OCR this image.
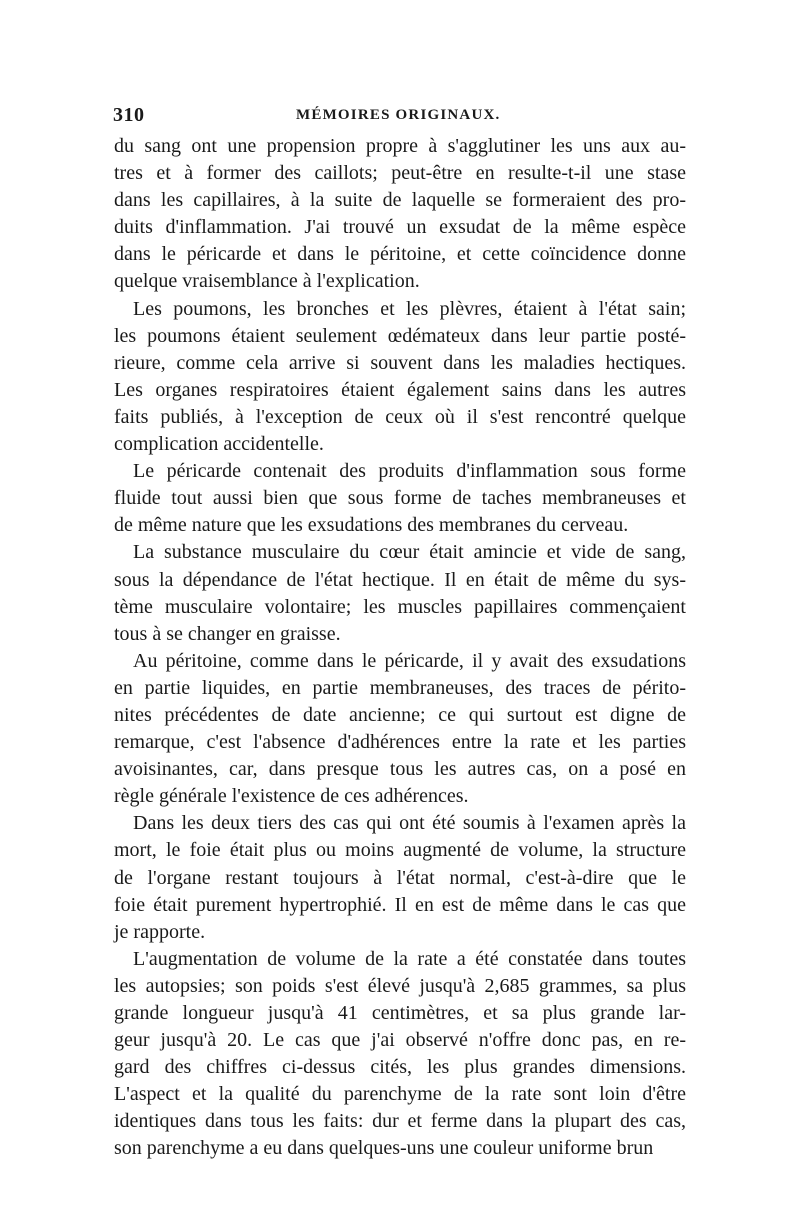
310	MÉMOIRES ORIGINAUX.
du sang ont une propension propre à s'agglutiner les uns aux au-
tres et à former des caillots; peut-être en resulte-t-il une stase
dans les capillaires, à la suite de laquelle se formeraient des pro-
duits d'inflammation. J'ai trouvé un exsudat de la même espèce
dans le péricarde et dans le péritoine, et cette coïncidence donne
quelque vraisemblance à l'explication.
Les poumons, les bronches et les plèvres, étaient à l'état sain;
les poumons étaient seulement œdémateux dans leur partie posté-
rieure, comme cela arrive si souvent dans les maladies hectiques.
Les organes respiratoires étaient également sains dans les autres
faits publiés, à l'exception de ceux où il s'est rencontré quelque
complication accidentelle.
Le péricarde contenait des produits d'inflammation sous forme
fluide tout aussi bien que sous forme de taches membraneuses et
de même nature que les exsudations des membranes du cerveau.
La substance musculaire du cœur était amincie et vide de sang,
sous la dépendance de l'état hectique. Il en était de même du sys-
tème musculaire volontaire; les muscles papillaires commençaient
tous à se changer en graisse.
Au péritoine, comme dans le péricarde, il y avait des exsudations
en partie liquides, en partie membraneuses, des traces de périto-
nites précédentes de date ancienne; ce qui surtout est digne de
remarque, c'est l'absence d'adhérences entre la rate et les parties
avoisinantes, car, dans presque tous les autres cas, on a posé en
règle générale l'existence de ces adhérences.
Dans les deux tiers des cas qui ont été soumis à l'examen après la
mort, le foie était plus ou moins augmenté de volume, la structure
de l'organe restant toujours à l'état normal, c'est-à-dire que le
foie était purement hypertrophié. Il en est de même dans le cas que
je rapporte.
L'augmentation de volume de la rate a été constatée dans toutes
les autopsies; son poids s'est élevé jusqu'à 2,685 grammes, sa plus
grande longueur jusqu'à 41 centimètres, et sa plus grande lar-
geur jusqu'à 20. Le cas que j'ai observé n'offre donc pas, en re-
gard des chiffres ci-dessus cités, les plus grandes dimensions.
L'aspect et la qualité du parenchyme de la rate sont loin d'être
identiques dans tous les faits: dur et ferme dans la plupart des cas,
son parenchyme a eu dans quelques-uns une couleur uniforme brun
